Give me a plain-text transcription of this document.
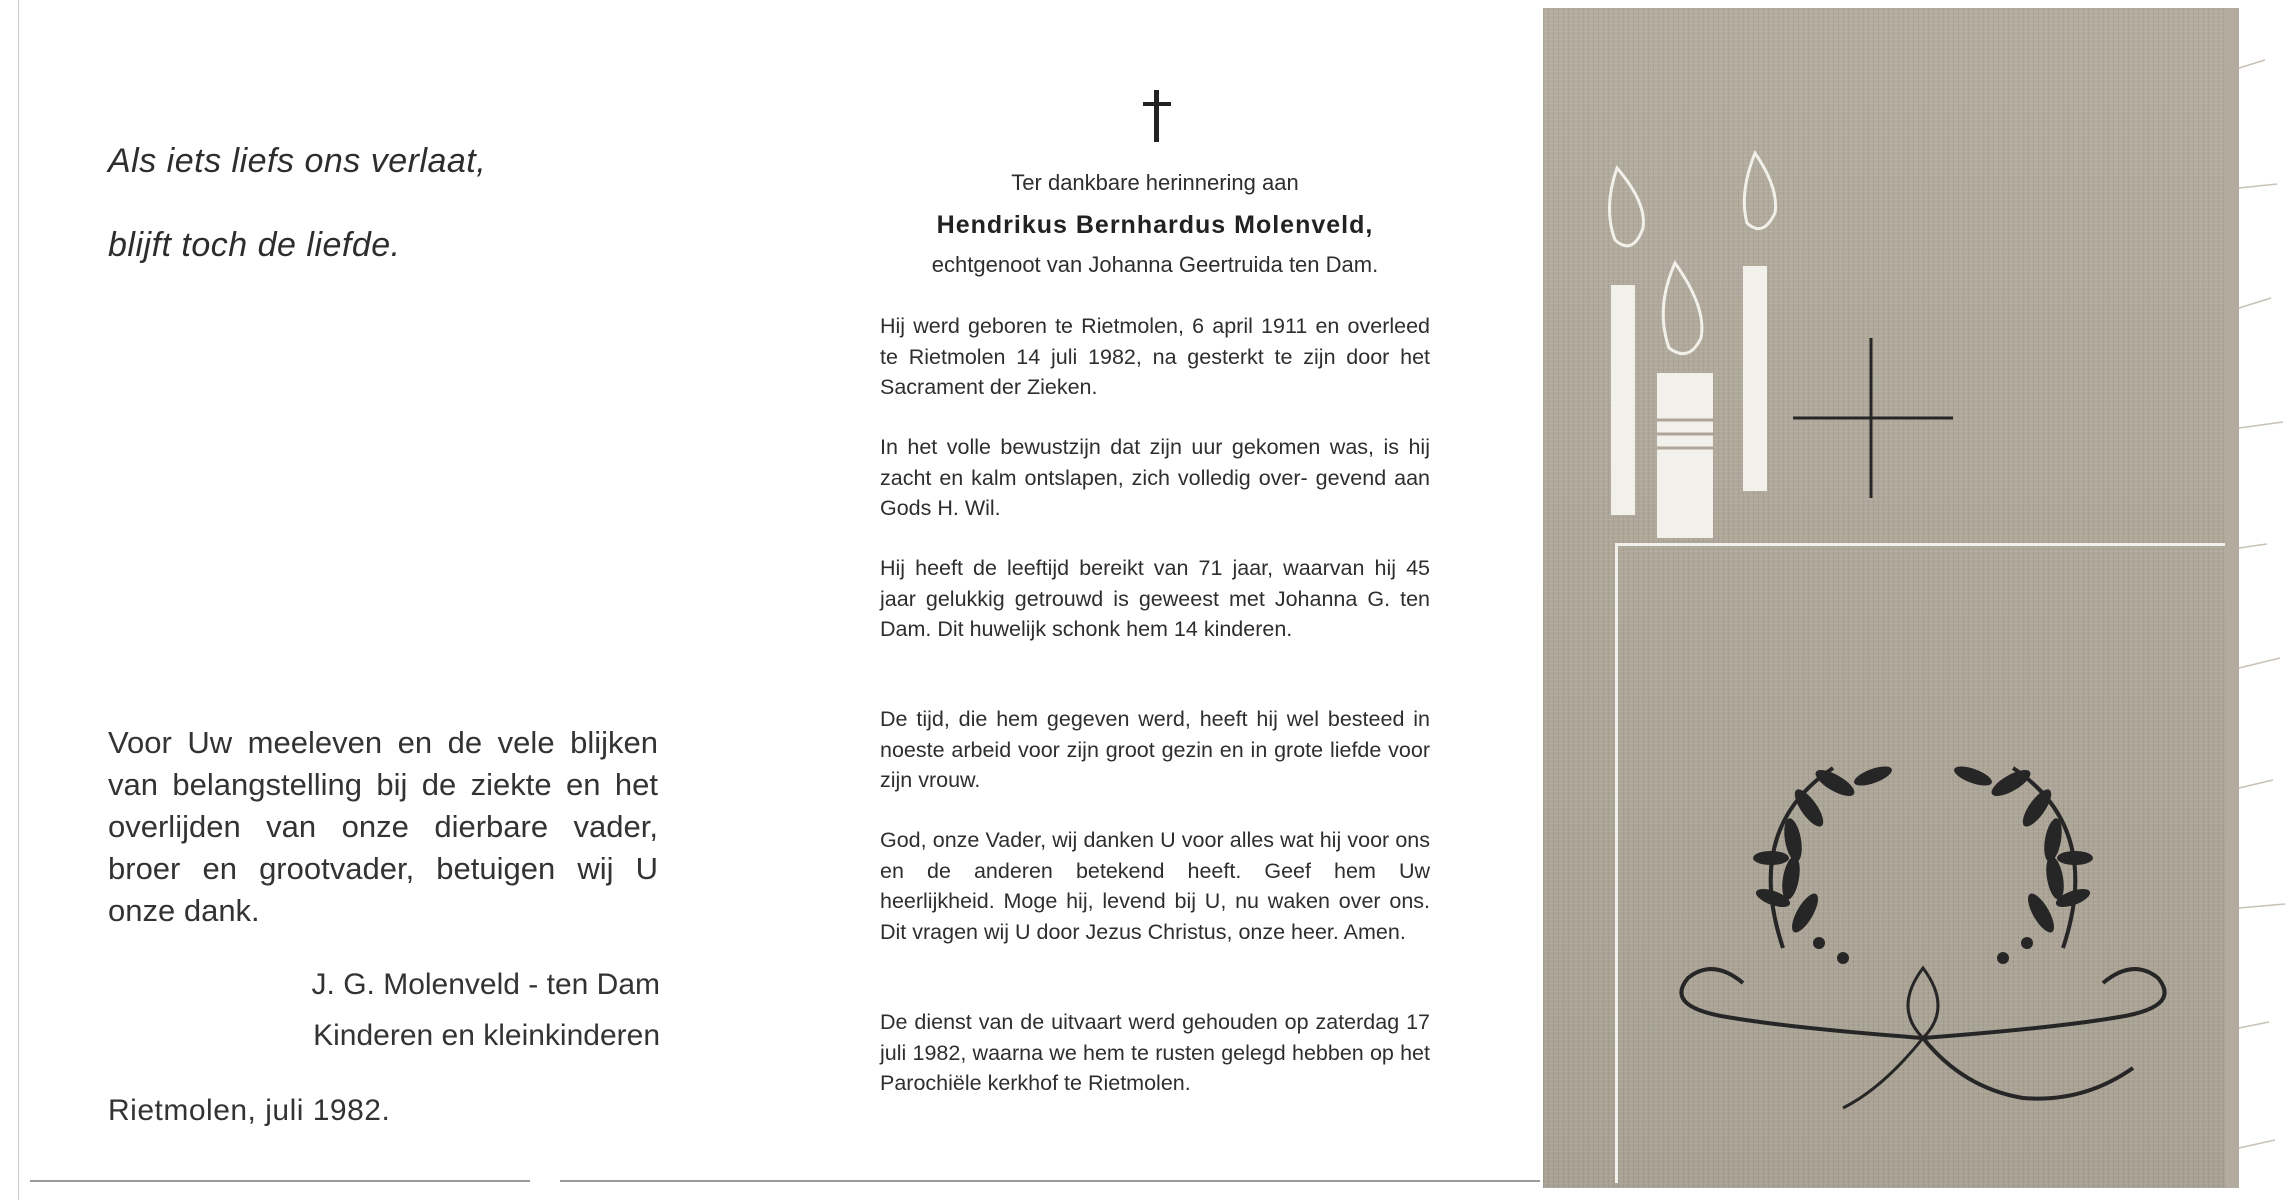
Als iets liefs ons verlaat,

blijft toch de liefde.

Voor Uw meeleven en de vele blijken van belangstelling bij de ziekte en het overlijden van onze dierbare vader, broer en grootvader, betuigen wij U onze dank.

J. G. Molenveld - ten Dam

Kinderen en kleinkinderen

Rietmolen, juli 1982.

Ter dankbare herinnering aan

Hendrikus Bernhardus Molenveld,

echtgenoot van Johanna Geertruida ten Dam.

Hij werd geboren te Rietmolen, 6 april 1911 en overleed te Rietmolen 14 juli 1982, na gesterkt te zijn door het Sacrament der Zieken.

In het volle bewustzijn dat zijn uur gekomen was, is hij zacht en kalm ontslapen, zich volledig over- gevend aan Gods H. Wil.

Hij heeft de leeftijd bereikt van 71 jaar, waarvan hij 45 jaar gelukkig getrouwd is geweest met Johanna G. ten Dam. Dit huwelijk schonk hem 14 kinderen.

De tijd, die hem gegeven werd, heeft hij wel besteed in noeste arbeid voor zijn groot gezin en in grote liefde voor zijn vrouw.

God, onze Vader, wij danken U voor alles wat hij voor ons en de anderen betekend heeft. Geef hem Uw heerlijkheid. Moge hij, levend bij U, nu waken over ons. Dit vragen wij U door Jezus Christus, onze heer. Amen.

De dienst van de uitvaart werd gehouden op zaterdag 17 juli 1982, waarna we hem te rusten gelegd hebben op het Parochiële kerkhof te Rietmolen.
